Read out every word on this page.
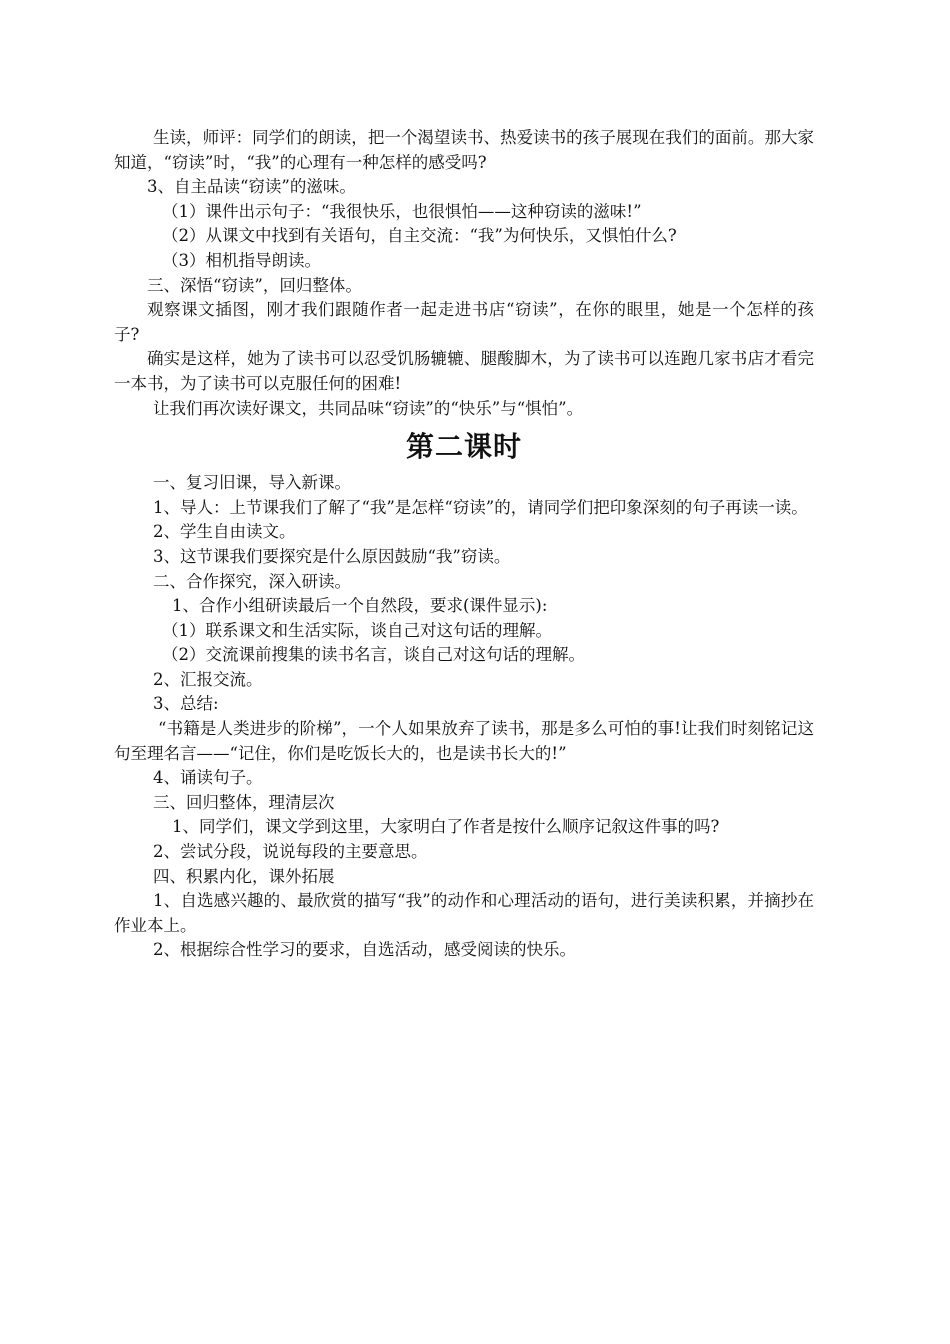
生读，师评：同学们的朗读，把一个渴望读书、热爱读书的孩子展现在我们的面前。那大家知道，“窃读”时，“我”的心理有一种怎样的感受吗?

3、自主品读“窃读”的滋味。

（1）课件出示句子：“我很快乐，也很惧怕——这种窃读的滋味!”

（2）从课文中找到有关语句，自主交流：“我”为何快乐，又惧怕什么?

（3）相机指导朗读。

三、深悟“窃读”，回归整体。

观察课文插图，刚才我们跟随作者一起走进书店“窃读”，在你的眼里，她是一个怎样的孩子?

确实是这样，她为了读书可以忍受饥肠辘辘、腿酸脚木，为了读书可以连跑几家书店才看完一本书，为了读书可以克服任何的困难!

让我们再次读好课文，共同品味“窃读”的“快乐”与“惧怕”。

第二课时

一、复习旧课，导入新课。

1、导人：上节课我们了解了“我”是怎样“窃读”的，请同学们把印象深刻的句子再读一读。

2、学生自由读文。

3、这节课我们要探究是什么原因鼓励“我”窃读。

二、合作探究，深入研读。

1、合作小组研读最后一个自然段，要求(课件显示):

（1）联系课文和生活实际，谈自己对这句话的理解。

（2）交流课前搜集的读书名言，谈自己对这句话的理解。

2、汇报交流。

3、总结:

“书籍是人类进步的阶梯”，一个人如果放弃了读书，那是多么可怕的事!让我们时刻铭记这句至理名言——“记住，你们是吃饭长大的，也是读书长大的!”

4、诵读句子。

三、回归整体，理清层次

1、同学们，课文学到这里，大家明白了作者是按什么顺序记叙这件事的吗?

2、尝试分段，说说每段的主要意思。

四、积累内化，课外拓展

1、自选感兴趣的、最欣赏的描写“我”的动作和心理活动的语句，进行美读积累，并摘抄在作业本上。

2、根据综合性学习的要求，自选活动，感受阅读的快乐。
